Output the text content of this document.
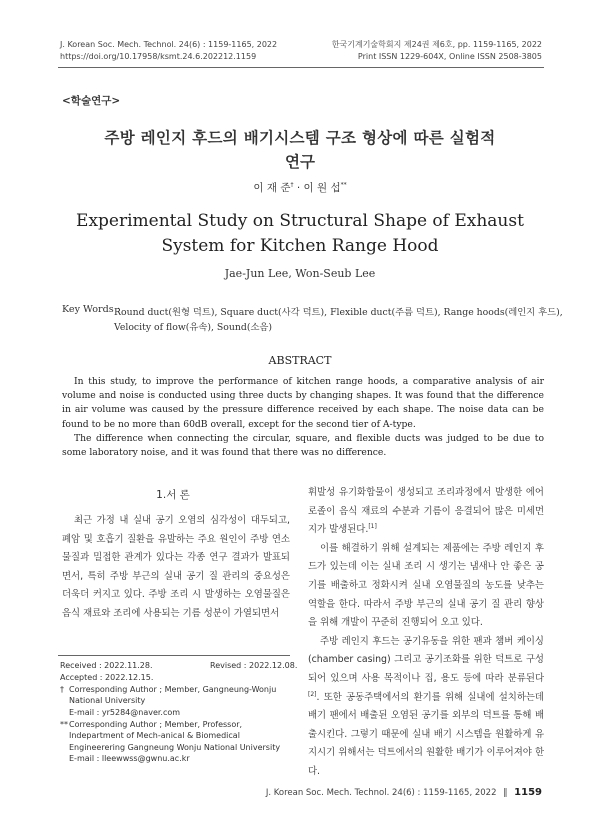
J. Korean Soc. Mech. Technol. 24(6) : 1159-1165, 2022
https://doi.org/10.17958/ksmt.24.6.202212.1159
한국기계기술학회지 제24권 제6호, pp. 1159-1165, 2022
Print ISSN 1229-604X, Online ISSN 2508-3805
<학술연구>
주방 레인지 후드의 배기시스템 구조 형상에 따른 실험적
연구
이 재 준† · 이 원 섭**
Experimental Study on Structural Shape of Exhaust
System for Kitchen Range Hood
Jae-Jun Lee, Won-Seub Lee
Key Words :
Round duct(원형 덕트), Square duct(사각 덕트), Flexible duct(주름 덕트), Range hoods(레인지 후드),
Velocity of flow(유속), Sound(소음)
ABSTRACT

In this study, to improve the performance of kitchen range hoods, a comparative analysis of air volume and noise is conducted using three ducts by changing shapes. It was found that the difference in air volume was caused by the pressure difference received by each shape. The noise data can be found to be no more than 60dB overall, except for the second tier of A-type.

The difference when connecting the circular, square, and flexible ducts was judged to be due to some laboratory noise, and it was found that there was no difference.

1.서 론

최근 가정 내 실내 공기 오염의 심각성이 대두되고, 폐암 및 호흡기 질환을 유발하는 주요 원인이 주방 연소물질과 밀접한 관계가 있다는 각종 연구 결과가 발표되면서, 특히 주방 부근의 실내 공기 질 관리의 중요성은 더욱더 커지고 있다. 주방 조리 시 발생하는 오염물질은 음식 재료와 조리에 사용되는 기름 성분이 가열되면서

Received : 2022.11.28.	Revised : 2022.12.08.
Accepted : 2022.12.15.
† Corresponding Author ; Member, Gangneung-Wonju National University
E-mail : yr5284@naver.com
** Corresponding Author ; Member, Professor, Indepartment of Mech-anical & Biomedical Engineerering Gangneung Wonju National University
E-mail : lleewwss@gwnu.ac.kr

휘발성 유기화합물이 생성되고 조리과정에서 발생한 에어로졸이 음식 재료의 수분과 기름이 응결되어 많은 미세먼지가 발생된다.[1]

이를 해결하기 위해 설계되는 제품에는 주방 레인지 후드가 있는데 이는 실내 조리 시 생기는 냄새나 안 좋은 공기를 배출하고 정화시켜 실내 오염물질의 농도를 낮추는 역할을 한다. 따라서 주방 부근의 실내 공기 질 관리 향상을 위해 개발이 꾸준히 진행되어 오고 있다.

주방 레인지 후드는 공기유동을 위한 팬과 챔버 케이싱(chamber casing) 그리고 공기조화를 위한 덕트로 구성되어 있으며 사용 목적이나 집, 용도 등에 따라 분류된다[2]. 또한 공동주택에서의 환기를 위해 실내에 설치하는데 배기 팬에서 배출된 오염된 공기를 외부의 덕트를 통해 배출시킨다. 그렇기 때문에 실내 배기 시스템을 원활하게 유지시기 위해서는 덕트에서의 원활한 배기가 이루어져야 한다.

J. Korean Soc. Mech. Technol. 24(6) : 1159-1165, 2022 ‖ 1159
